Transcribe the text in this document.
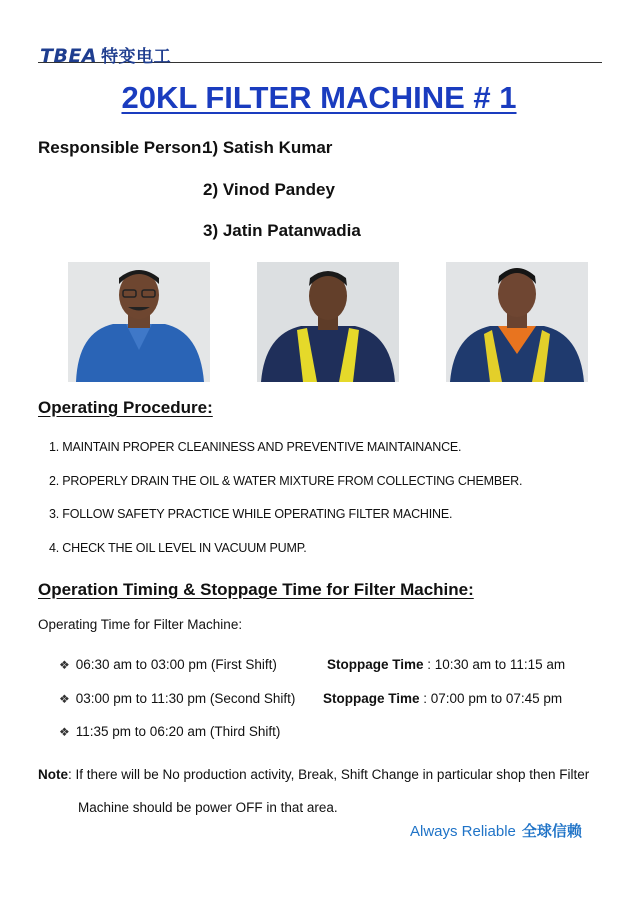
TBEA 特变电工
20KL FILTER MACHINE # 1
Responsible Person:
1) Satish Kumar
2) Vinod Pandey
3) Jatin Patanwadia
Operating Procedure:
1. MAINTAIN PROPER CLEANINESS AND PREVENTIVE MAINTAINANCE.
2. PROPERLY DRAIN THE OIL & WATER MIXTURE FROM COLLECTING CHEMBER.
3. FOLLOW SAFETY PRACTICE WHILE OPERATING FILTER MACHINE.
4. CHECK THE OIL LEVEL IN VACUUM PUMP.
Operation Timing & Stoppage Time for Filter Machine:
Operating Time for Filter Machine:
❖ 06:30 am to 03:00 pm (First Shift)	Stoppage Time : 10:30 am to 11:15 am
❖ 03:00 pm to 11:30 pm (Second Shift) Stoppage Time : 07:00 pm to 07:45 pm
❖ 11:35 pm to 06:20 am (Third Shift)
Note: If there will be No production activity, Break, Shift Change in particular shop then Filter
Machine should be power OFF in that area.
Always Reliable 全球信赖
